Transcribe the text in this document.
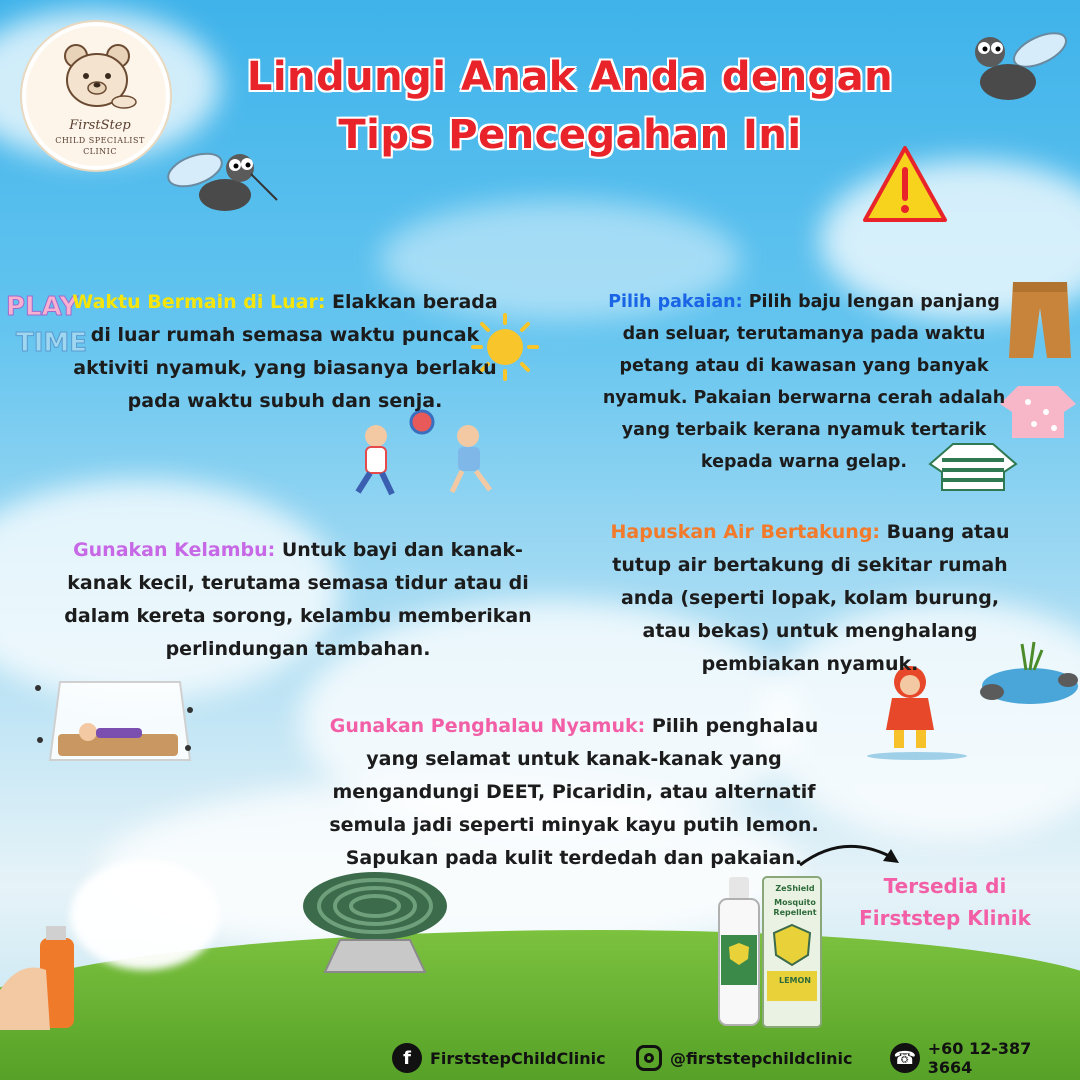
FirstStep
CHILD SPECIALIST
CLINIC
Lindungi Anak Anda dengan
Tips Pencegahan Ini
PLAY
TIME
ZeShield
Mosquito Repellent
LEMON
Waktu Bermain di Luar: Elakkan berada di luar rumah semasa waktu puncak aktiviti nyamuk, yang biasanya berlaku pada waktu subuh dan senja.
Pilih pakaian: Pilih baju lengan panjang dan seluar, terutamanya pada waktu petang atau di kawasan yang banyak nyamuk. Pakaian berwarna cerah adalah yang terbaik kerana nyamuk tertarik kepada warna gelap.
Gunakan Kelambu: Untuk bayi dan kanak-kanak kecil, terutama semasa tidur atau di dalam kereta sorong, kelambu memberikan perlindungan tambahan.
Hapuskan Air Bertakung: Buang atau tutup air bertakung di sekitar rumah anda (seperti lopak, kolam burung, atau bekas) untuk menghalang pembiakan nyamuk.
Gunakan Penghalau Nyamuk: Pilih penghalau yang selamat untuk kanak-kanak yang mengandungi DEET, Picaridin, atau alternatif semula jadi seperti minyak kayu putih lemon. Sapukan pada kulit terdedah dan pakaian.
Tersedia di
Firststep Klinik
f	FirststepChildClinic	@firststepchildclinic ☎ +60 12-387 3664
